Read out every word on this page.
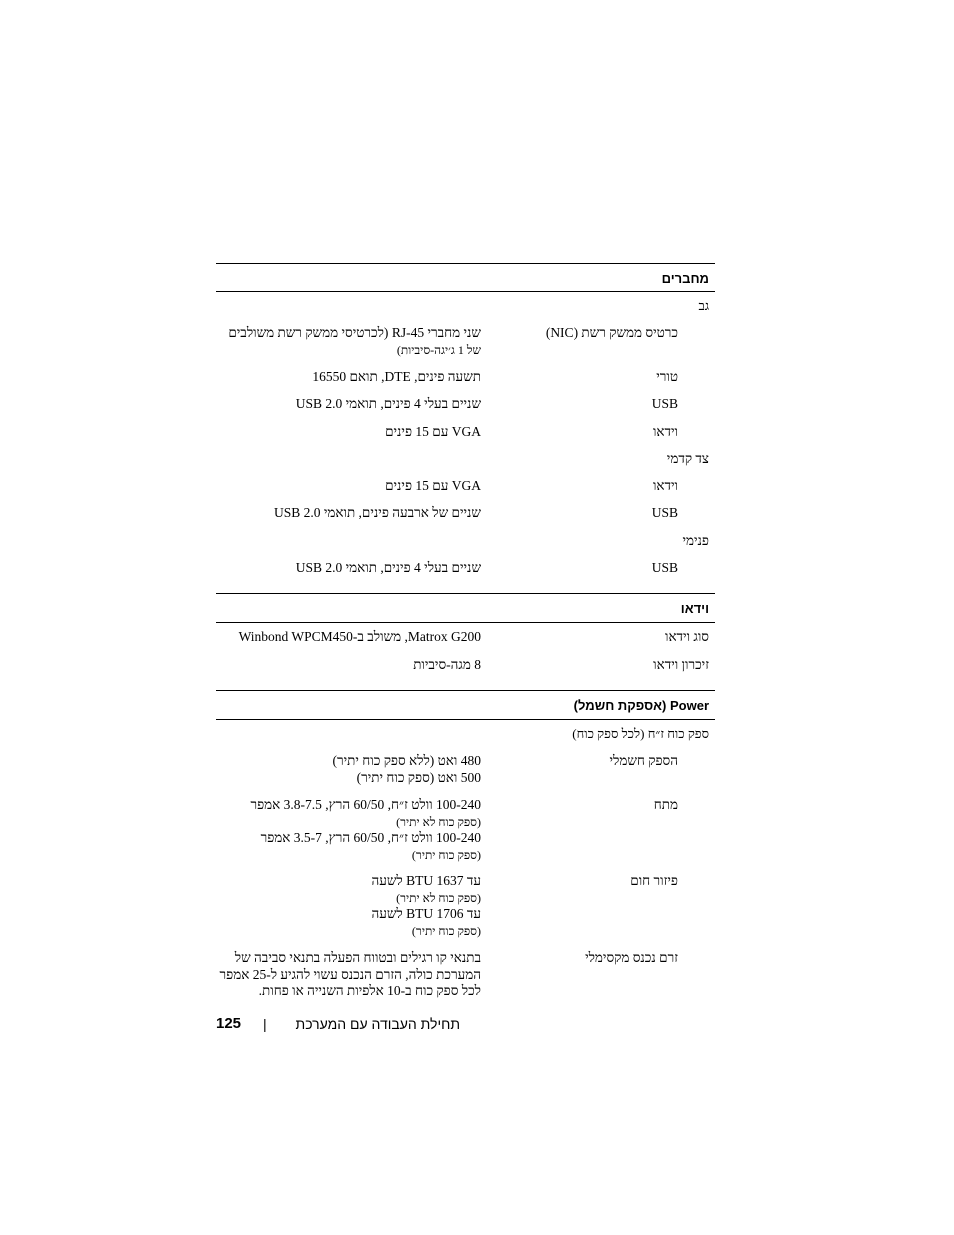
מחברים
גב
כרטיס ממשק רשת (NIC)
שני מחברי RJ-45 (לכרטיסי ממשק רשת משולבים
של 1 ג׳יגה-סיביות)
טורי
תשעה פינים, DTE, תואם 16550
USB
שניים בעלי 4 פינים, תואמי USB 2.0
וידאו
VGA עם 15 פינים
צד קדמי
וידאו
VGA עם 15 פינים
USB
שניים של ארבעה פינים, תואמי USB 2.0
פנימי
USB
שניים בעלי 4 פינים, תואמי USB 2.0
וידאו
סוג וידאו
Matrox G200, משולב ב-Winbond WPCM450
זיכרון וידאו
8 מגה-סיביות
Power (אספקת חשמל)
ספק כוח ז״ח (לכל ספק כוח)
הספק חשמלי
480 ואט (ללא ספק כוח יתיר)
500 ואט (ספק כוח יתיר)
מתח
100-240 וולט ז״ח, 60/50 הרץ, 3.8-7.5 אמפר
(ספק כוח לא יתיר)
100-240 וולט ז״ח, 60/50 הרץ, 3.5-7 אמפר
(ספק כוח יתיר)
פיזור חום
עד 1637 BTU לשעה
(ספק כוח לא יתיר)
עד 1706 BTU לשעה
(ספק כוח יתיר)
זרם נכנס מקסימלי
בתנאי קו רגילים ובטווח הפעלה בתנאי סביבה של
המערכת כולה, הזרם הנכנס עשוי להגיע ל-25 אמפר
לכל ספק כוח ב-10 אלפיות השנייה או פחות.
תחילת העבודה עם המערכת
|
125
